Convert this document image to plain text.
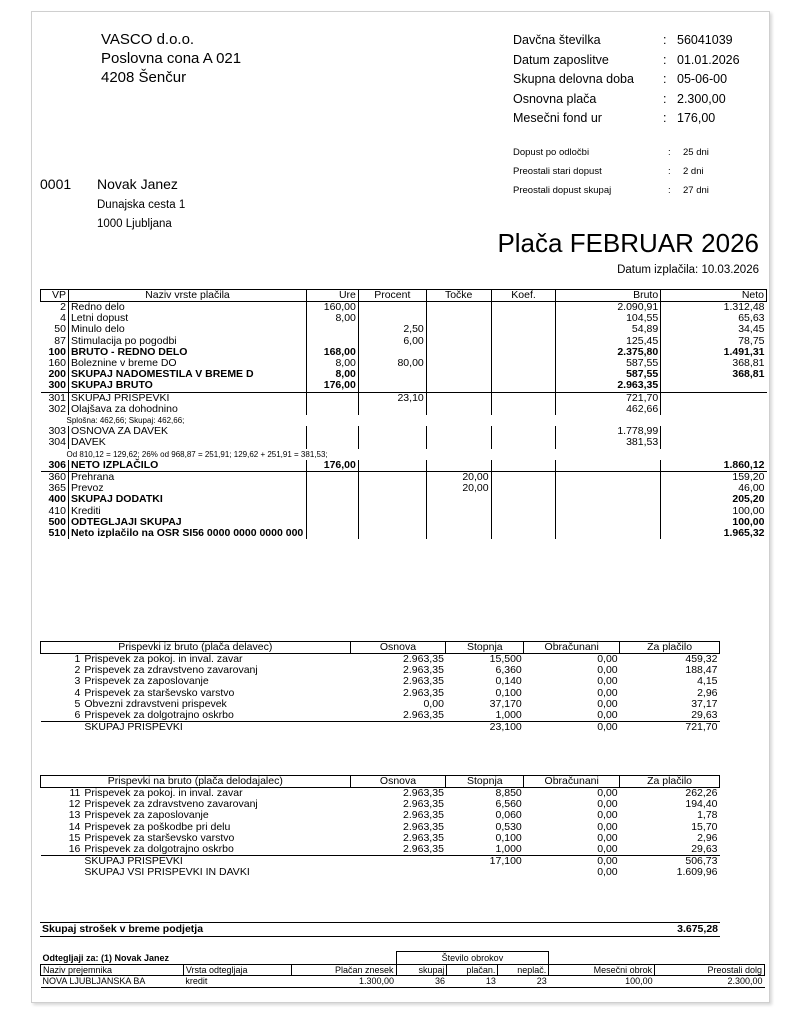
VASCO d.o.o.
Poslovna cona A 021
4208 Šenčur
Davčna številka	: 56041039
Datum zaposlitve	: 01.01.2026
Skupna delovna doba : 05-06-00
Osnovna plača	: 2.300,00
Mesečni fond ur	: 176,00
Dopust po odločbi	: 25 dni
Preostali stari dopust	: 2 dni
Preostali dopust skupaj	: 27 dni
0001 Novak Janez
Dunajska cesta 1
1000 Ljubljana
Plača FEBRUAR 2026
Datum izplačila: 10.03.2026
VP	Naziv vrste plačila	Ure	Procent	Točke	Koef.	Bruto	Neto
2	Redno delo	160,00				2.090,91	1.312,48
4	Letni dopust	8,00				104,55	65,63
50	Minulo delo		2,50			54,89	34,45
87	Stimulacija po pogodbi		6,00			125,45	78,75
100	BRUTO - REDNO DELO	168,00				2.375,80	1.491,31
160	Boleznine v breme DO	8,00	80,00			587,55	368,81
200	SKUPAJ NADOMESTILA V BREME D	8,00				587,55	368,81
300	SKUPAJ BRUTO	176,00				2.963,35	
301	SKUPAJ PRISPEVKI		23,10			721,70	
302	Olajšava za dohodnino					462,66	
Splošna: 462,66; Skupaj: 462,66;							
303	OSNOVA ZA DAVEK					1.778,99	
304	DAVEK					381,53	
Od 810,12 = 129,62; 26% od 968,87 = 251,91; 129,62 + 251,91 = 381,53;							
306	NETO IZPLAČILO	176,00					1.860,12
360	Prehrana			20,00			159,20
365	Prevoz			20,00			46,00
400	SKUPAJ DODATKI						205,20
410	Krediti						100,00
500	ODTEGLJAJI SKUPAJ						100,00
510	Neto izplačilo na OSR SI56 0000 0000 0000 000						1.965,32
Prispevki iz bruto (plača delavec)		Osnova	Stopnja	Obračunani	Za plačilo
1	Prispevek za pokoj. in inval. zavar	2.963,35	15,500	0,00	459,32
2	Prispevek za zdravstveno zavarovanj	2.963,35	6,360	0,00	188,47
3	Prispevek za zaposlovanje	2.963,35	0,140	0,00	4,15
4	Prispevek za starševsko varstvo	2.963,35	0,100	0,00	2,96
5	Obvezni zdravstveni prispevek	0,00	37,170	0,00	37,17
6	Prispevek za dolgotrajno oskrbo	2.963,35	1,000	0,00	29,63
	SKUPAJ PRISPEVKI		23,100	0,00	721,70
Prispevki na bruto (plača delodajalec)		Osnova	Stopnja	Obračunani	Za plačilo
11	Prispevek za pokoj. in inval. zavar	2.963,35	8,850	0,00	262,26
12	Prispevek za zdravstveno zavarovanj	2.963,35	6,560	0,00	194,40
13	Prispevek za zaposlovanje	2.963,35	0,060	0,00	1,78
14	Prispevek za poškodbe pri delu	2.963,35	0,530	0,00	15,70
15	Prispevek za starševsko varstvo	2.963,35	0,100	0,00	2,96
16	Prispevek za dolgotrajno oskrbo	2.963,35	1,000	0,00	29,63
	SKUPAJ PRISPEVKI		17,100	0,00	506,73
	SKUPAJ VSI PRISPEVKI IN DAVKI			0,00	1.609,96
Skupaj strošek v breme podjetja	3.675,28
Odtegljaji za: (1) Novak Janez			Število obrokov				
Naziv prejemnika	Vrsta odtegljaja	Plačan znesek	skupaj	plačan.	neplač.	Mesečni obrok	Preostali dolg
NOVA LJUBLJANSKA BA	kredit	1.300,00	36	13	23	100,00	2.300,00
